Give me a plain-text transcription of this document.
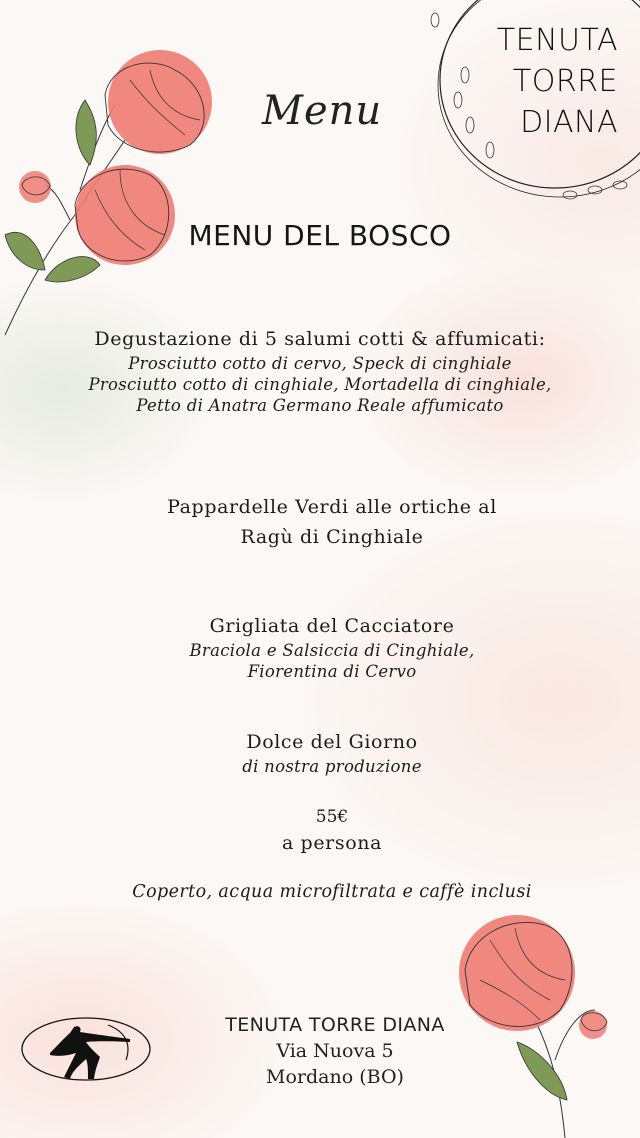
TENUTA
TORRE
DIANA
Menu
MENU DEL BOSCO
Degustazione di 5 salumi cotti & affumicati:
Prosciutto cotto di cervo, Speck di cinghiale
Prosciutto cotto di cinghiale, Mortadella di cinghiale,
Petto di Anatra Germano Reale affumicato
Pappardelle Verdi alle ortiche al
Ragù di Cinghiale
Grigliata del Cacciatore
Braciola e Salsiccia di Cinghiale,
Fiorentina di Cervo
Dolce del Giorno
di nostra produzione
55€
a persona
Coperto, acqua microfiltrata e caffè inclusi
TENUTA TORRE DIANA
Via Nuova 5
Mordano (BO)
